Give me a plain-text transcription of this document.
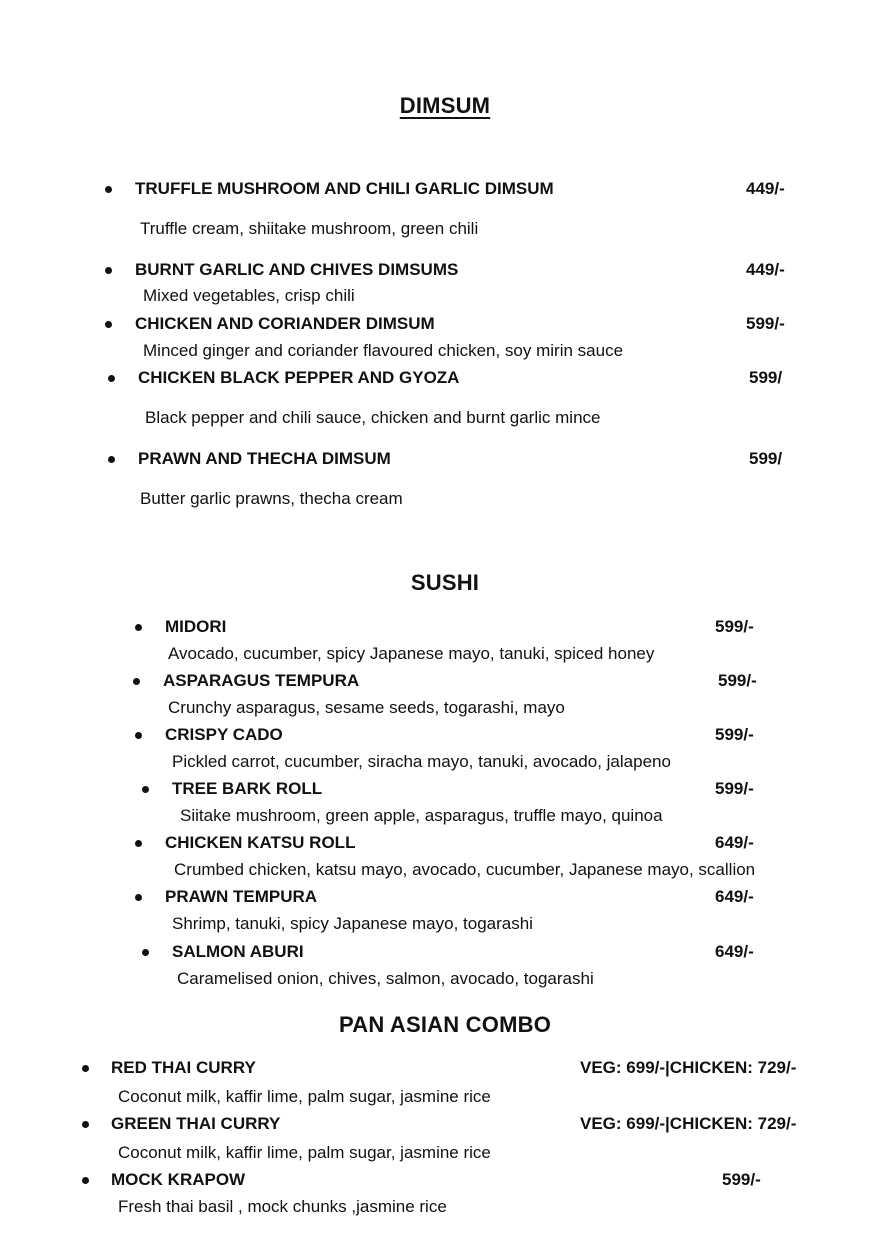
DIMSUM
TRUFFLE MUSHROOM AND CHILI GARLIC DIMSUM	449/-
Truffle cream, shiitake mushroom, green chili
BURNT GARLIC AND CHIVES DIMSUMS	449/-
Mixed vegetables, crisp chili
CHICKEN AND CORIANDER DIMSUM	599/-
Minced ginger and coriander flavoured chicken, soy mirin sauce
CHICKEN BLACK PEPPER AND GYOZA	599/
Black pepper and chili sauce, chicken and burnt garlic mince
PRAWN AND THECHA DIMSUM	599/
Butter garlic prawns, thecha cream
SUSHI
MIDORI	599/-
Avocado, cucumber, spicy Japanese mayo, tanuki, spiced honey
ASPARAGUS TEMPURA	599/-
Crunchy asparagus, sesame seeds, togarashi, mayo
CRISPY CADO	599/-
Pickled carrot, cucumber, siracha mayo, tanuki, avocado, jalapeno
TREE BARK ROLL	599/-
Siitake mushroom, green apple, asparagus, truffle mayo, quinoa
CHICKEN KATSU ROLL	649/-
Crumbed chicken, katsu mayo, avocado, cucumber, Japanese mayo, scallion
PRAWN TEMPURA	649/-
Shrimp, tanuki, spicy Japanese mayo, togarashi
SALMON ABURI	649/-
Caramelised onion, chives, salmon, avocado, togarashi
PAN ASIAN COMBO
RED THAI CURRY	VEG: 699/-|CHICKEN: 729/-
Coconut milk, kaffir lime, palm sugar, jasmine rice
GREEN THAI CURRY	VEG: 699/-|CHICKEN: 729/-
Coconut milk, kaffir lime, palm sugar, jasmine rice
MOCK KRAPOW	599/-
Fresh thai basil , mock chunks ,jasmine rice
